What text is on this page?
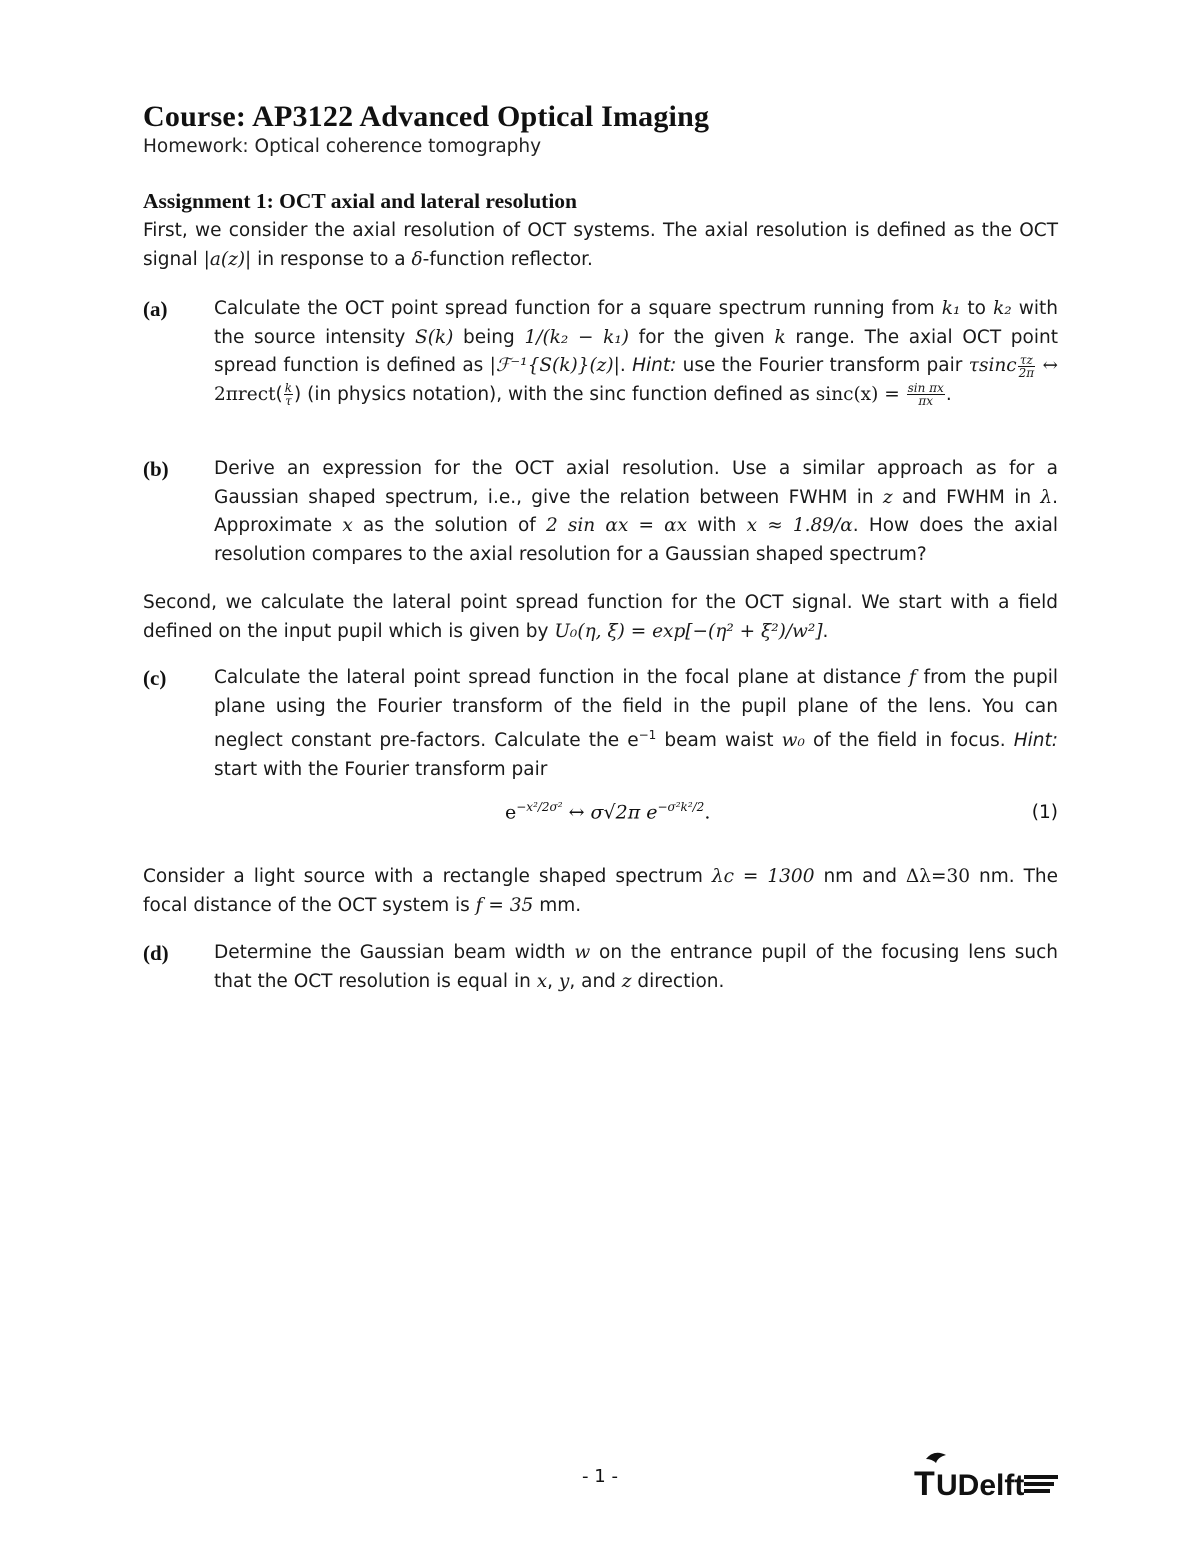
Course: AP3122 Advanced Optical Imaging
Homework: Optical coherence tomography
Assignment 1: OCT axial and lateral resolution
First, we consider the axial resolution of OCT systems. The axial resolution is defined as the OCT signal |a(z)| in response to a δ-function reflector.
(a)	Calculate the OCT point spread function for a square spectrum running from k₁ to k₂ with the source intensity S(k) being 1/(k₂ − k₁) for the given k range. The axial OCT point spread function is defined as |ℱ⁻¹{S(k)}(z)|. Hint: use the Fourier transform pair τsinc $\frac{\tau z}{2\pi}$ ↔ 2πrect( $\frac{k}{\tau}$ ) (in physics notation), with the sinc function defined as $\sin c(x) = \frac{\text{sin πx}}{\pi x}$ .
(b) Derive an expression for the OCT axial resolution. Use a similar approach as for a Gaussian shaped spectrum, i.e., give the relation between FWHM in z and FWHM in λ. Approximate x as the solution of 2 sin αx = αx with x ≈ 1.89/α. How does the axial resolution compares to the axial resolution for a Gaussian shaped spectrum?
Second, we calculate the lateral point spread function for the OCT signal. We start with a field defined on the input pupil which is given by U₀(η, ξ) = exp[−(η² + ξ²)/w²].
(c)	Calculate the lateral point spread function in the focal plane at distance f from the pupil plane using the Fourier transform of the field in the pupil plane of the lens. You can neglect constant pre-factors. Calculate the $e^{-1}$ beam waist w₀ of the field in focus. Hint: start with the Fourier transform pair
$e^{-x^2/2\sigma^2}$ ↔ σ√2π $e^{-\sigma^2k^2/2}$.	(1)
Consider a light source with a rectangle shaped spectrum λc = 1300 nm and Δλ=30 nm. The focal distance of the OCT system is f = 35 mm.
(d) Determine the Gaussian beam width w on the entrance pupil of the focusing lens such that the OCT resolution is equal in x, y, and z direction.
- 1 -	T UDelft
